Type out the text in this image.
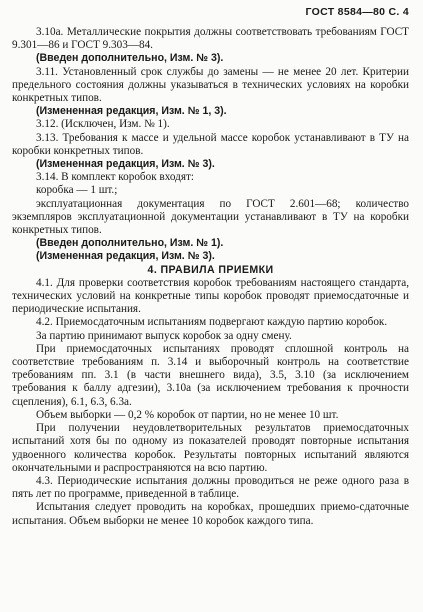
ГОСТ 8584—80 С. 4

3.10а. Металлические покрытия должны соответствовать требованиям ГОСТ 9.301—86 и ГОСТ 9.303—84.

(Введен дополнительно, Изм. № 3).

3.11. Установленный срок службы до замены — не менее 20 лет. Критерии предельного состояния должны указываться в технических условиях на коробки конкретных типов.

(Измененная редакция, Изм. № 1, 3).

3.12. (Исключен, Изм. № 1).

3.13. Требования к массе и удельной массе коробок устанавливают в ТУ на коробки конкретных типов.

(Измененная редакция, Изм. № 3).

3.14. В комплект коробок входят:

коробка — 1 шт.;

эксплуатационная документация по ГОСТ 2.601—68; количество экземпляров эксплуатационной документации устанавливают в ТУ на коробки конкретных типов.

(Введен дополнительно, Изм. № 1).

(Измененная редакция, Изм. № 3).

4. ПРАВИЛА ПРИЕМКИ

4.1. Для проверки соответствия коробок требованиям настоящего стандарта, технических условий на конкретные типы коробок проводят приемосдаточные и периодические испытания.

4.2. Приемосдаточным испытаниям подвергают каждую партию коробок.

За партию принимают выпуск коробок за одну смену.

При приемосдаточных испытаниях проводят сплошной контроль на соответствие требованиям п. 3.14 и выборочный контроль на соответствие требованиям пп. 3.1 (в части внешнего вида), 3.5, 3.10 (за исключением требования к баллу адгезии), 3.10а (за исключением требования к прочности сцепления), 6.1, 6.3, 6.3а.

Объем выборки — 0,2 % коробок от партии, но не менее 10 шт.

При получении неудовлетворительных результатов приемосдаточных испытаний хотя бы по одному из показателей проводят повторные испытания удвоенного количества коробок. Результаты повторных испытаний являются окончательными и распространяются на всю партию.

4.3. Периодические испытания должны проводиться не реже одного раза в пять лет по программе, приведенной в таблице.

Испытания следует проводить на коробках, прошедших приемо-сдаточные испытания. Объем выборки не менее 10 коробок каждого типа.
